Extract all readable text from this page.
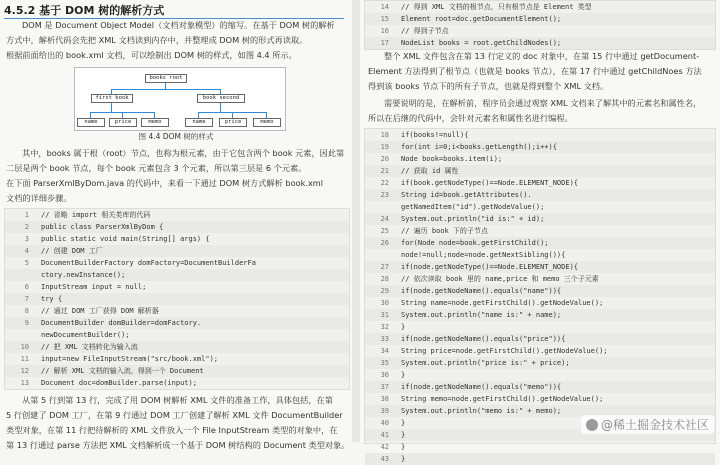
4.5.2 基于 DOM 树的解析方式
DOM 是 Document Object Model（文档对象模型）的缩写。在基于 DOM 树的解析
方式中，解析代码会先把 XML 文档读到内存中，并整理成 DOM 树的形式再读取。
根据前面给出的 book.xml 文档，可以绘制出 DOM 树的样式，如图 4.4 所示。
books root
first book	book second
name	price	memo	name	price	memo
图 4.4 DOM 树的样式
其中，books 属于根（root）节点，也称为根元素，由于它包含两个 book 元素，因此第
二层是两个 book 节点，每个 book 元素包含 3 个元素，所以第三层是 6 个元素。
在下面 ParserXmlByDom.java 的代码中，来看一下通过 DOM 树方式解析 book.xml
文档的详细步骤。
1 // 省略 import 相关类库的代码
2 public class ParserXmlByDom {
3 public static void main(String[] args) {
4 // 创建 DOM 工厂
5 DocumentBuilderFactory domFactory=DocumentBuilderFa
ctory.newInstance();
6 InputStream input = null;
7 try {
8 // 通过 DOM 工厂获得 DOM 解析器
9 DocumentBuilder domBuilder=domFactory.
newDocumentBuilder();
10 // 把 XML 文档转化为输入流
11 input=new FileInputStream("src/book.xml");
12 // 解析 XML 文档的输入流，得到一个 Document
13 Document doc=domBuilder.parse(input);
从第 5 行到第 13 行，完成了用 DOM 树解析 XML 文件的准备工作，具体包括，在第
5 行创建了 DOM 工厂，在第 9 行通过 DOM 工厂创建了解析 XML 文件 DocumentBuilder
类型对象，在第 11 行把待解析的 XML 文件放入一个 File InputStream 类型的对象中，在
第 13 行通过 parse 方法把 XML 文档解析成一个基于 DOM 树结构的 Document 类型对象。
14 // 得到 XML 文档的根节点，只有根节点是 Element 类型
15 Element root=doc.getDocumentElement();
16 // 得到子节点
17 NodeList books = root.getChildNodes();
整个 XML 文件包含在第 13 行定义的 doc 对象中，在第 15 行中通过 getDocument-
Element 方法得到了根节点（也就是 books 节点），在第 17 行中通过 getChildNoes 方法
得到该 books 节点下的所有子节点，也就是得到整个 XML 文档。
需要说明的是，在解析前，程序员会通过观察 XML 文档来了解其中的元素名和属性名，
所以在后继的代码中，会针对元素名和属性名进行编程。
18 if(books!=null){
19 for(int i=0;i<books.getLength();i++){
20 Node book=books.item(i);
21 // 获取 id 属性
22 if(book.getNodeType()==Node.ELEMENT_NODE){
23 String id=book.getAttributes().
getNamedItem("id").getNodeValue();
24 System.out.println("id is:" + id);
25 // 遍历 book 下的子节点
26 for(Node node=book.getFirstChild();
node!=null;node=node.getNextSibling()){
27 if(node.getNodeType()==Node.ELEMENT_NODE){
28 // 依次读取 book 里的 name,price 和 memo 三个子元素
29 if(node.getNodeName().equals("name")){
30 String name=node.getFirstChild().getNodeValue();
31 System.out.println("name is:" + name);
32 }
33 if(node.getNodeName().equals("price")){
34 String price=node.getFirstChild().getNodeValue();
35 System.out.println("price is:" + price);
36 }
37 if(node.getNodeName().equals("memo")){
38 String memo=node.getFirstChild().getNodeValue();
39 System.out.println("memo is:" + memo);
40 }
41 }
42 }
43 }
@稀土掘金技术社区
